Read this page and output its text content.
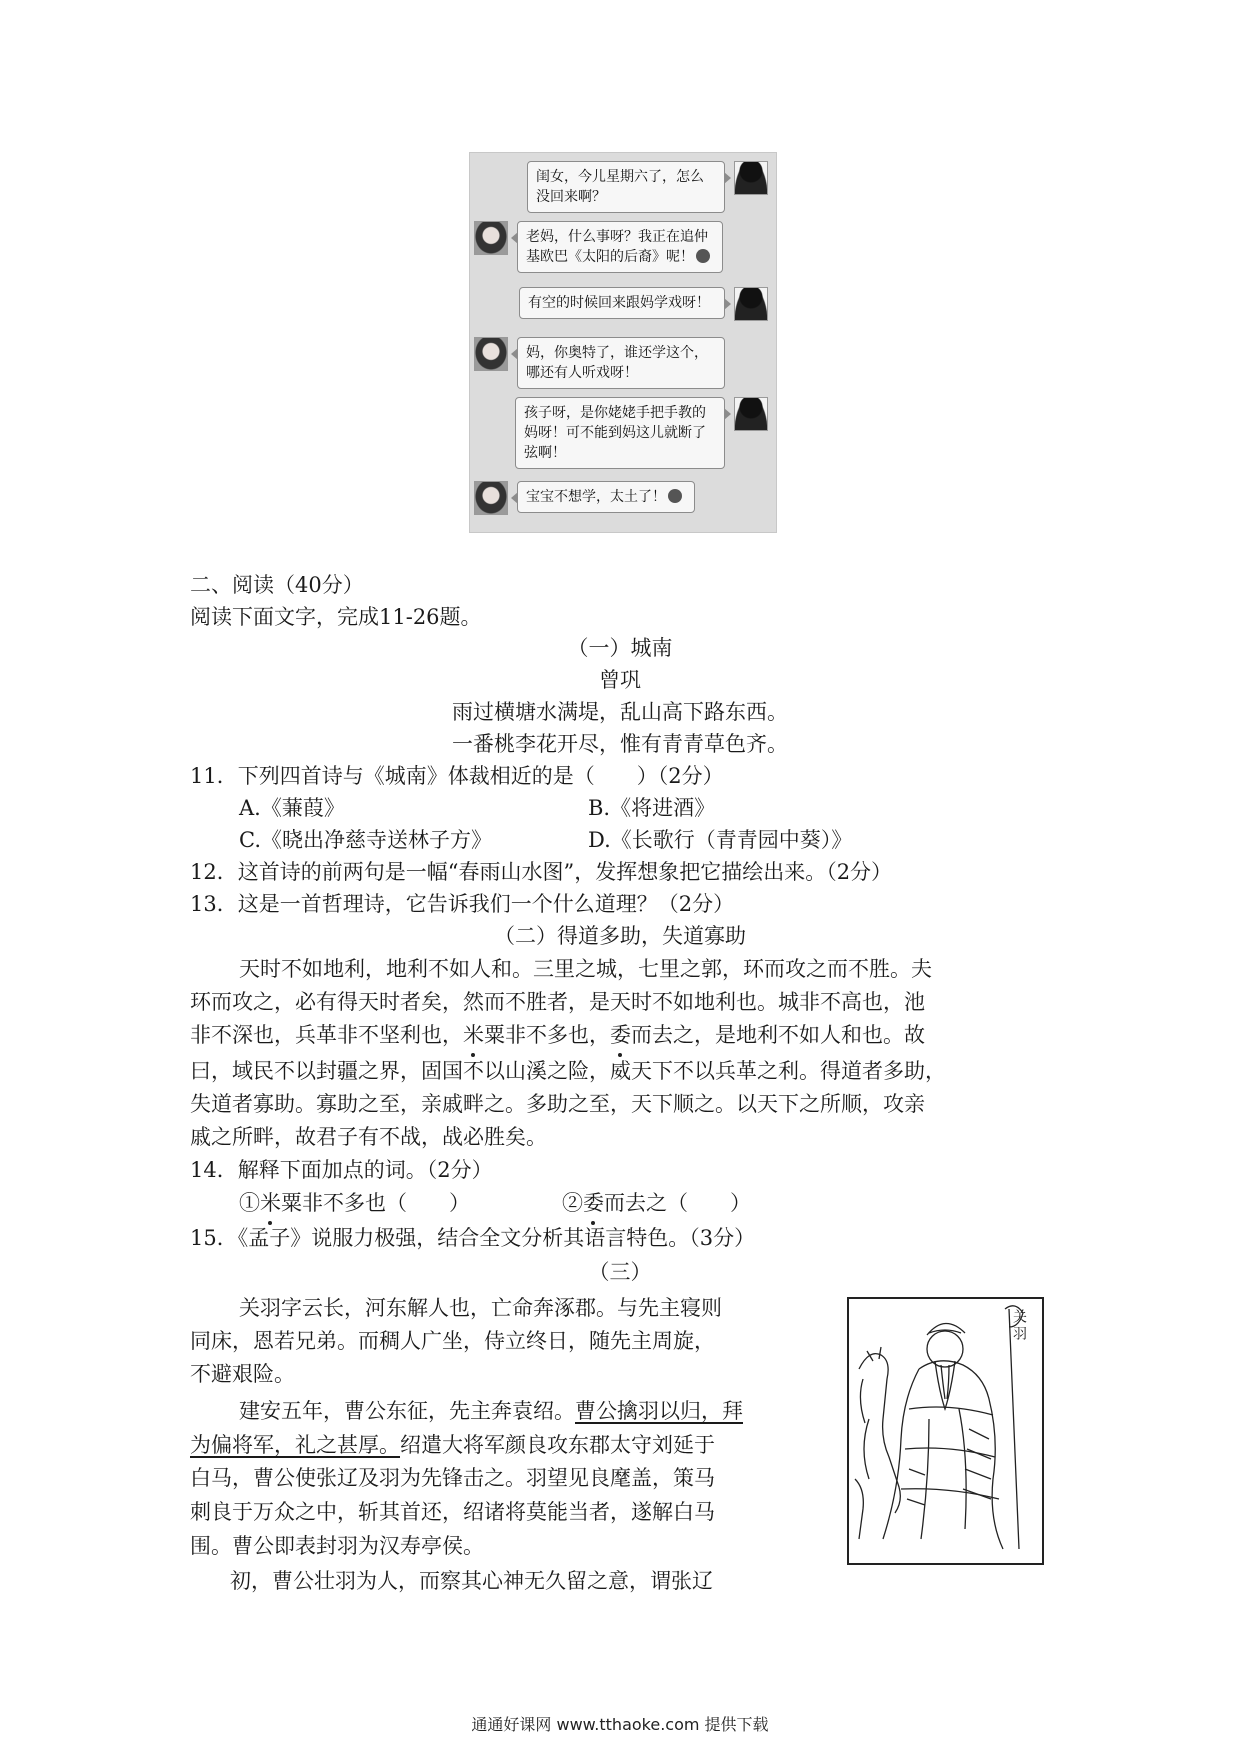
闺女，今儿星期六了，怎么没回来啊？
老妈，什么事呀？我正在追仲基欧巴《太阳的后裔》呢！
有空的时候回来跟妈学戏呀！
妈，你奥特了，谁还学这个，哪还有人听戏呀！
孩子呀，是你姥姥手把手教的妈呀！可不能到妈这儿就断了弦啊！
宝宝不想学，太土了！
二、阅读（40分）
阅读下面文字，完成11-26题。
（一）城南
曾巩
雨过横塘水满堤，乱山高下路东西。
一番桃李花开尽，惟有青青草色齐。
11．下列四首诗与《城南》体裁相近的是（　　）（2分）
A.《蒹葭》	B.《将进酒》
C.《晓出净慈寺送林子方》	D.《长歌行（青青园中葵）》
12．这首诗的前两句是一幅“春雨山水图”，发挥想象把它描绘出来。（2分）
13．这是一首哲理诗，它告诉我们一个什么道理？（2分）
（二）得道多助，失道寡助
天时不如地利，地利不如人和。三里之城，七里之郭，环而攻之而不胜。夫
环而攻之，必有得天时者矣，然而不胜者，是天时不如地利也。城非不高也，池
非不深也，兵革非不坚利也，米
粟非不多也，委
而去之，是地利不如人和也。故
曰，域民不以封疆之界，固国不以山溪之险，威天下不以兵革之利。得道者多助，
失道者寡助。寡助之至，亲戚畔之。多助之至，天下顺之。以天下之所顺，攻亲
戚之所畔，故君子有不战，战必胜矣。
14．解释下面加点的词。（2分）
①米
粟非不多也（　　）	②委
而去之（　　）
15．《孟子》说服力极强，结合全文分析其语言特色。（3分）
（三）
关羽字云长，河东解人也，亡命奔涿郡。与先主寝则
同床，恩若兄弟。而稠人广坐，侍立终日，随先主周旋，
不避艰险。
建安五年，曹公东征，先主奔袁绍。曹公擒羽以归，拜
为偏将军，礼之甚厚。绍遣大将军颜良攻东郡太守刘延于
白马，曹公使张辽及羽为先锋击之。羽望见良麾盖，策马
刺良于万众之中，斩其首还，绍诸将莫能当者，遂解白马
围。曹公即表封羽为汉寿亭侯。
初，曹公壮羽为人，而察其心神无久留之意，谓张辽
关羽
通通好课网 www.tthaoke.com 提供下载
